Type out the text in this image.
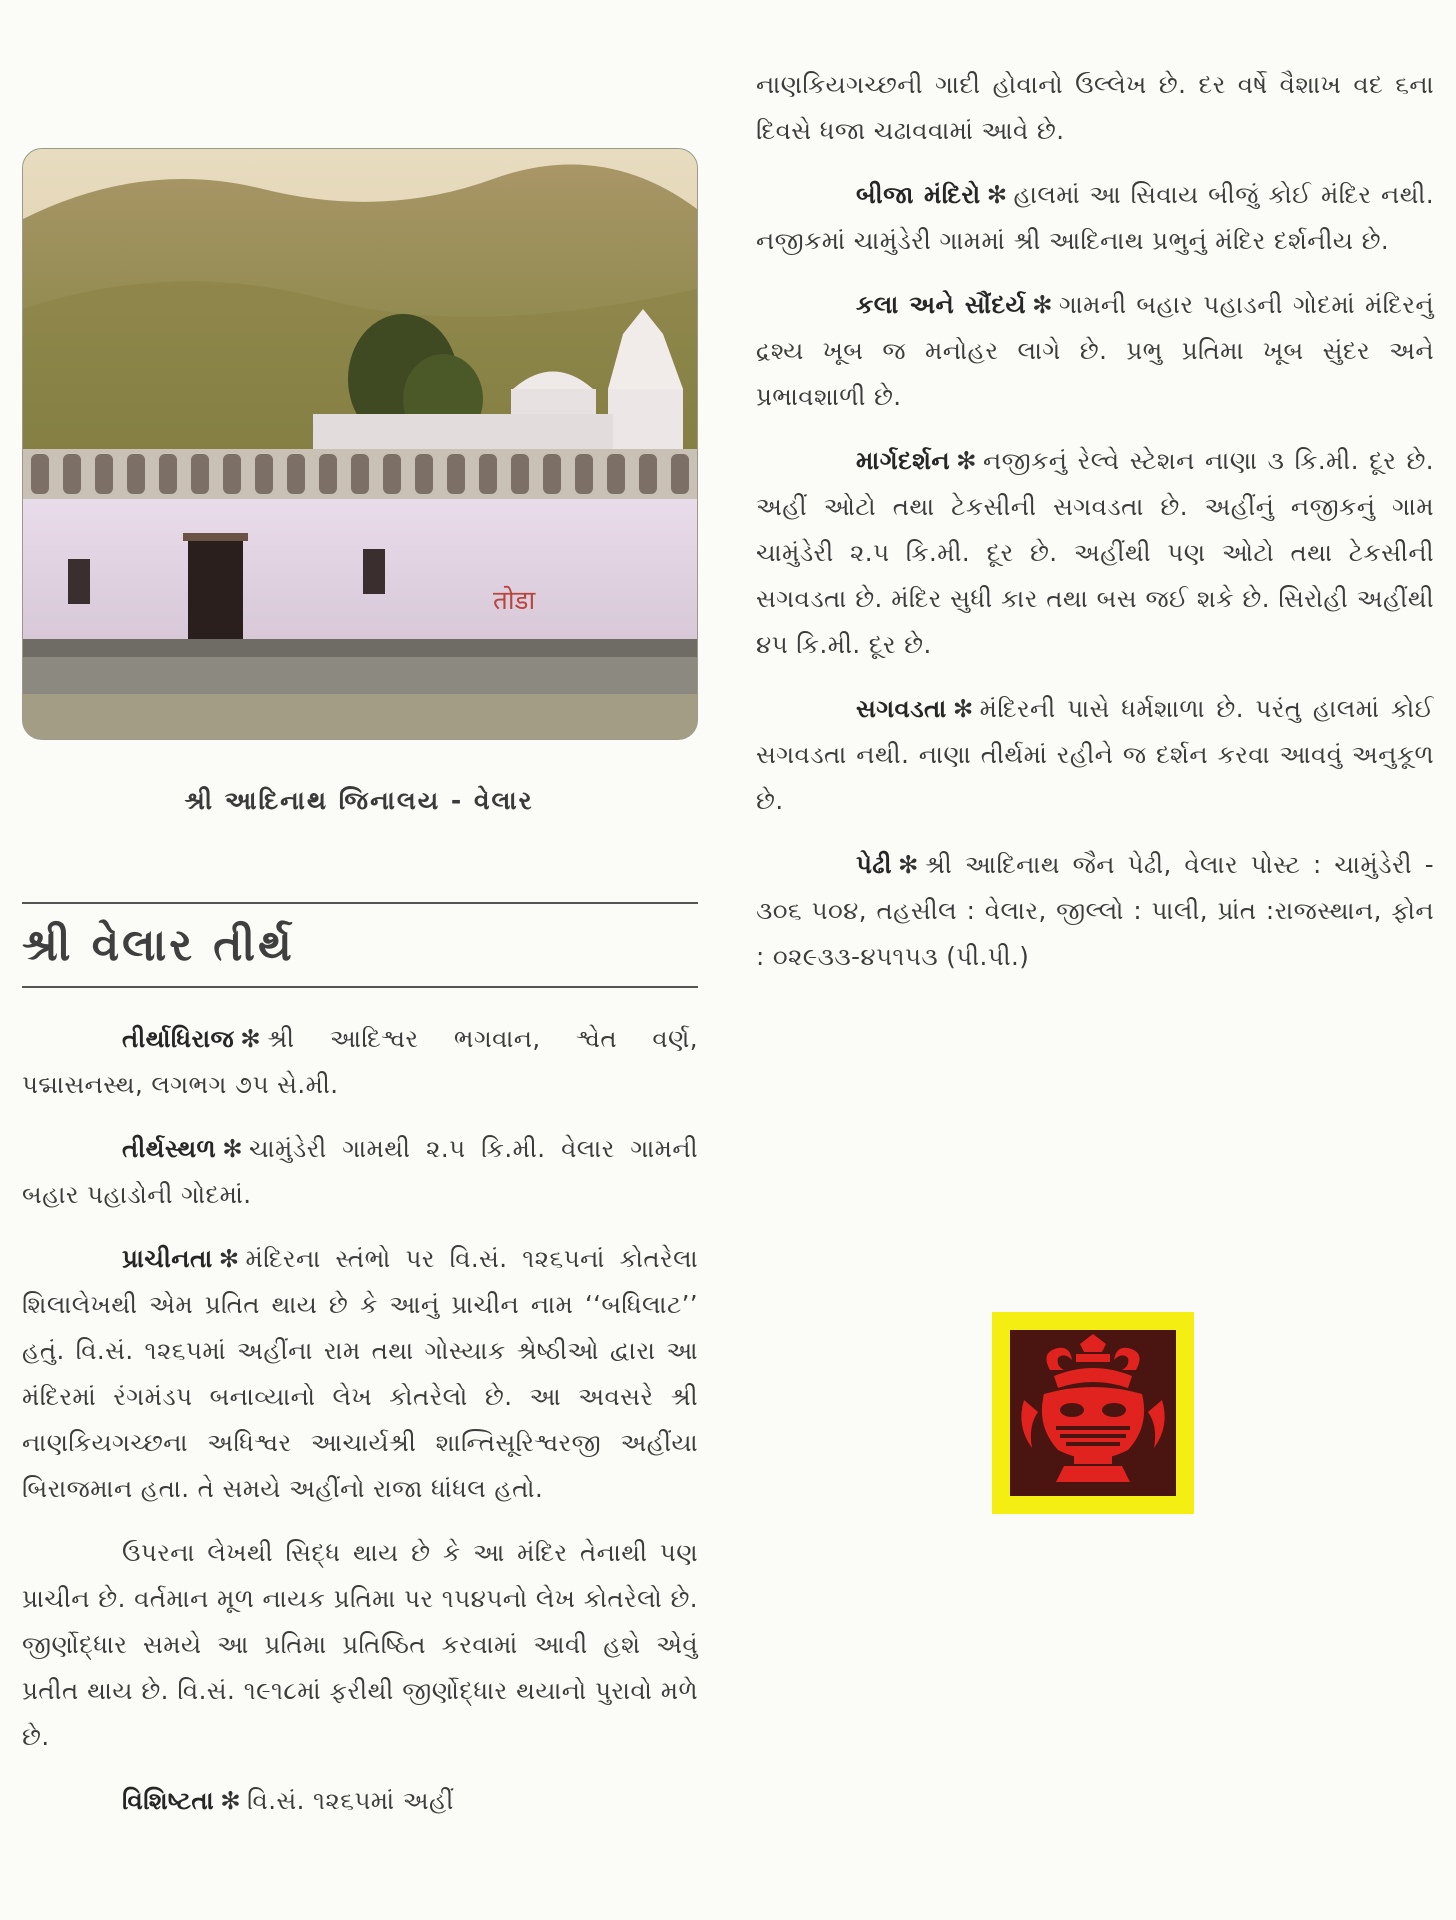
तोडा
શ્રી આદિનાથ જિનાલય - વેલાર
શ્રી વેલાર તીર્થ

તીર્થાધિરાજ ✻ શ્રી આદિશ્વર ભગવાન, શ્વેત વર્ણ, પદ્માસનસ્થ, લગભગ ૭૫ સે.મી.

તીર્થસ્થળ ✻ ચામુંડેરી ગામથી ૨.૫ કિ.મી. વેલાર ગામની બહાર પહાડોની ગોદમાં.

પ્રાચીનતા ✻ મંદિરના સ્તંભો પર વિ.સં. ૧૨૬૫નાં કોતરેલા શિલાલેખથી એમ પ્રતિત થાય છે કે આનું પ્રાચીન નામ ‘‘બધિલાટ’’ હતું. વિ.સં. ૧૨૬૫માં અહીંના રામ તથા ગોસ્યાક શ્રેષ્ઠીઓ દ્વારા આ મંદિરમાં રંગમંડપ બનાવ્યાનો લેખ કોતરેલો છે. આ અવસરે શ્રી નાણકિયગચ્છના અધિશ્વર આચાર્યશ્રી શાન્તિસૂરિશ્વરજી અહીંયા બિરાજમાન હતા. તે સમયે અહીંનો રાજા ધાંધલ હતો.

ઉપરના લેખથી સિદ્ધ થાય છે કે આ મંદિર તેનાથી પણ પ્રાચીન છે. વર્તમાન મૂળ નાયક પ્રતિમા પર ૧૫૪૫નો લેખ કોતરેલો છે. જીર્ણોદ્ધાર સમયે આ પ્રતિમા પ્રતિષ્ઠિત કરવામાં આવી હશે એવું પ્રતીત થાય છે. વિ.સં. ૧૯૧૮માં ફરીથી જીર્ણોદ્ધાર થયાનો પુરાવો મળે છે.

વિશિષ્ટતા ✻ વિ.સં. ૧૨૬૫માં અહીં

નાણકિયગચ્છની ગાદી હોવાનો ઉલ્લેખ છે. દર વર્ષે વૈશાખ વદ ૬ના દિવસે ધજા ચઢાવવામાં આવે છે.

બીજા મંદિરો ✻ હાલમાં આ સિવાય બીજું કોઈ મંદિર નથી. નજીકમાં ચામુંડેરી ગામમાં શ્રી આદિનાથ પ્રભુનું મંદિર દર્શનીય છે.

કલા અને સૌંદર્ય ✻ ગામની બહાર પહાડની ગોદમાં મંદિરનું દ્રશ્ય ખૂબ જ મનોહર લાગે છે. પ્રભુ પ્રતિમા ખૂબ સુંદર અને પ્રભાવશાળી છે.

માર્ગદર્શન ✻ નજીકનું રેલ્વે સ્ટેશન નાણા ૩ કિ.મી. દૂર છે. અહીં ઓટો તથા ટેકસીની સગવડતા છે. અહીંનું નજીકનું ગામ ચામુંડેરી ૨.૫ કિ.મી. દૂર છે. અહીંથી પણ ઓટો તથા ટેકસીની સગવડતા છે. મંદિર સુધી કાર તથા બસ જઈ શકે છે. સિરોહી અહીંથી ૪૫ કિ.મી. દૂર છે.

સગવડતા ✻ મંદિરની પાસે ધર્મશાળા છે. પરંતુ હાલમાં કોઈ સગવડતા નથી. નાણા તીર્થમાં રહીને જ દર્શન કરવા આવવું અનુકૂળ છે.

પેઢી ✻ શ્રી આદિનાથ જૈન પેઢી, વેલાર પોસ્ટ : ચામુંડેરી - ૩૦૬ ૫૦૪, તહસીલ : વેલાર, જીલ્લો : પાલી, પ્રાંત :રાજસ્થાન, ફોન : ૦૨૯૩૩-૪૫૧૫૩ (પી.પી.)
